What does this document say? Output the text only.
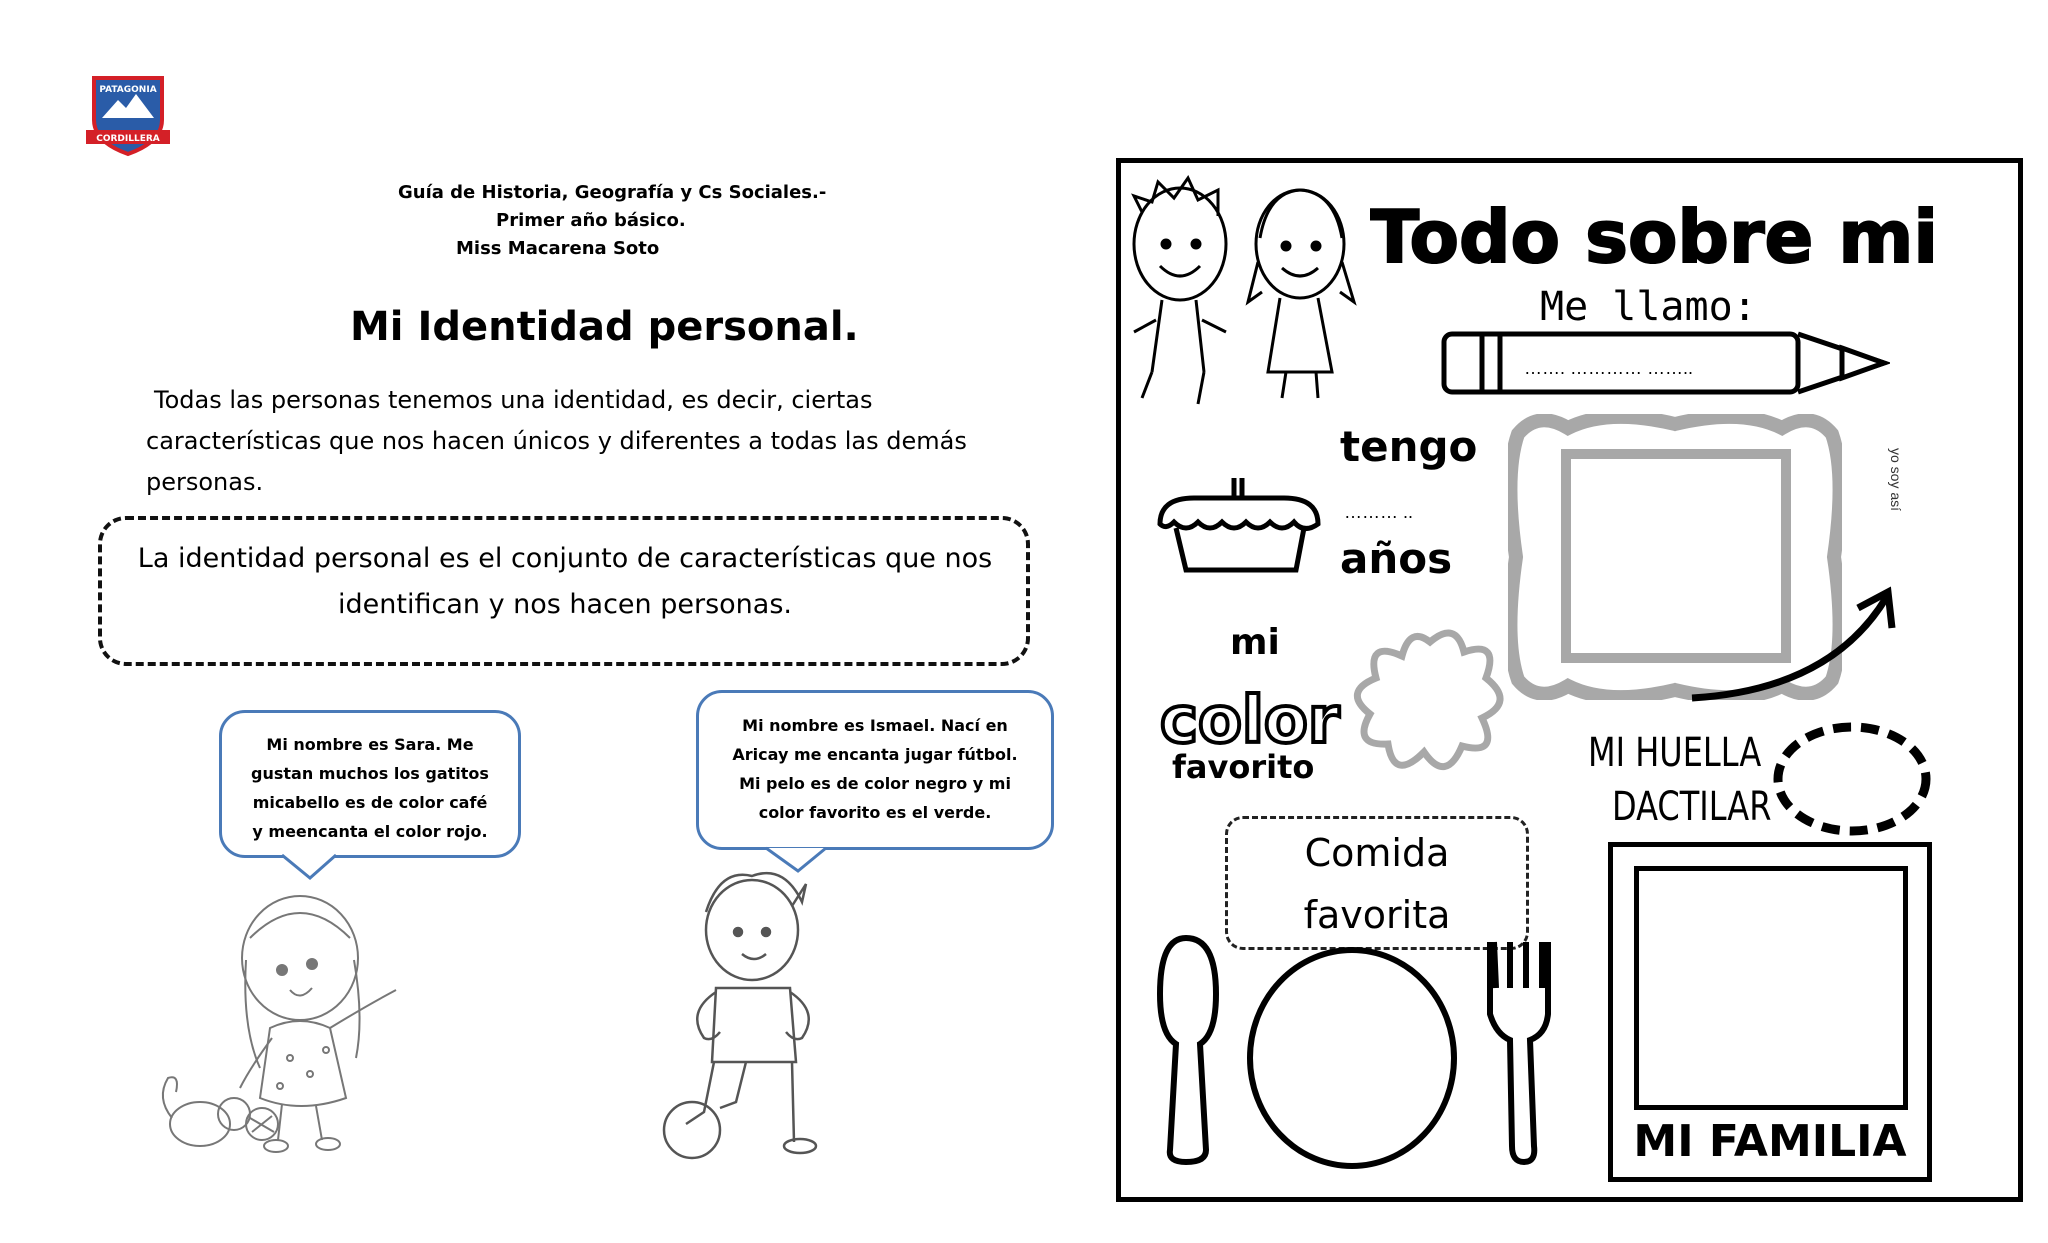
PATAGONIA
CORDILLERA
Guía de Historia, Geografía y Cs Sociales.-
Primer año básico.
Miss Macarena Soto
Mi Identidad personal.
Todas las personas tenemos una identidad, es decir, ciertas
características que nos hacen únicos y diferentes a todas las demás
personas.
La identidad personal es el conjunto de características que nos
identifican y nos hacen personas.
Mi nombre es Sara. Me
gustan muchos los gatitos
micabello es de color café
y meencanta el color rojo.
Mi nombre es Ismael. Nací en
Aricay me encanta jugar fútbol.
Mi pelo es de color negro y mi
color favorito es el verde.
Todo sobre mi
Me llamo:
……. ………… ……..
tengo
……… ..
años
yo soy así
mi
color
favorito	MI HUELLA
DACTILAR
Comida
favorita
MI FAMILIA
